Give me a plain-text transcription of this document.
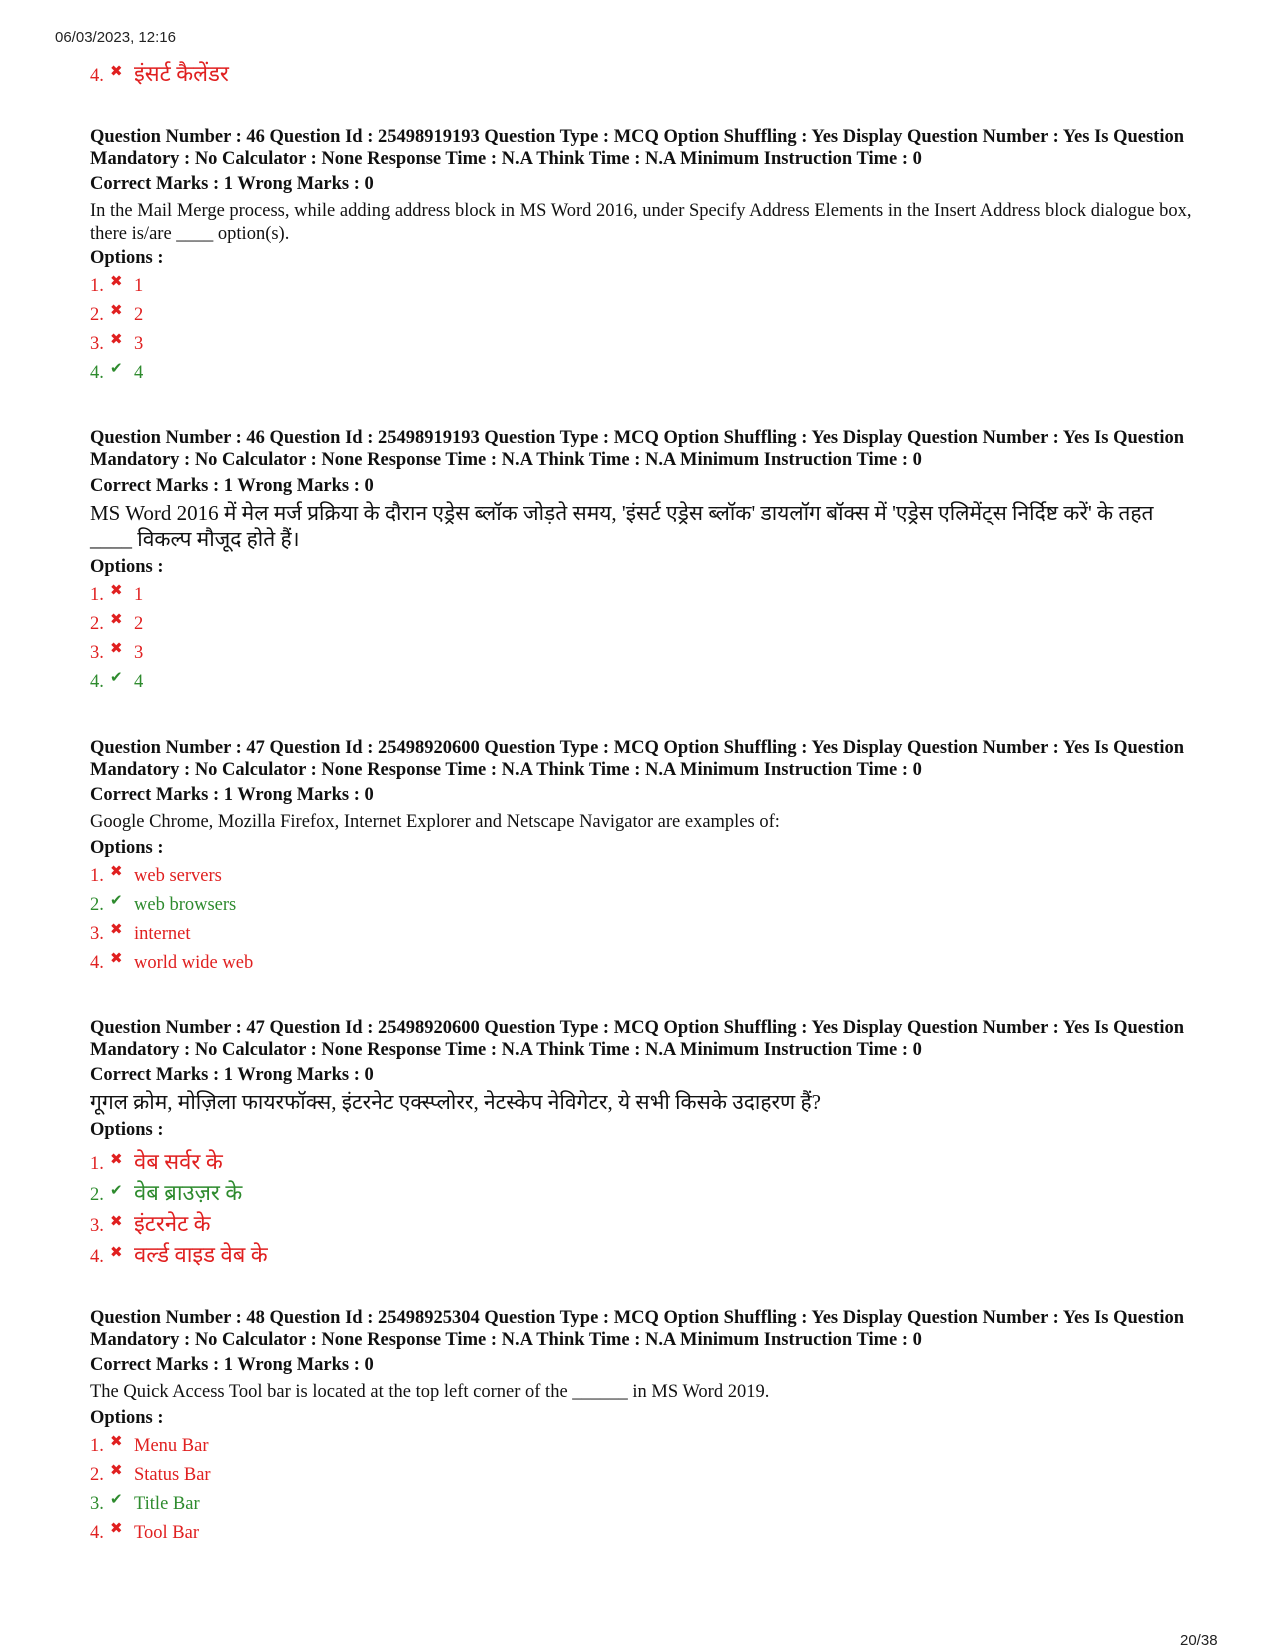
06/03/2023, 12:16
4. ✖ इंसर्ट कैलेंडर
Question Number : 46 Question Id : 25498919193 Question Type : MCQ Option Shuffling : Yes Display Question Number : Yes Is Question Mandatory : No Calculator : None Response Time : N.A Think Time : N.A Minimum Instruction Time : 0
Correct Marks : 1 Wrong Marks : 0
In the Mail Merge process, while adding address block in MS Word 2016, under Specify Address Elements in the Insert Address block dialogue box, there is/are ____ option(s).
Options :
1. ✖ 1
2. ✖ 2
3. ✖ 3
4. ✔ 4
Question Number : 46 Question Id : 25498919193 Question Type : MCQ Option Shuffling : Yes Display Question Number : Yes Is Question Mandatory : No Calculator : None Response Time : N.A Think Time : N.A Minimum Instruction Time : 0
Correct Marks : 1 Wrong Marks : 0
MS Word 2016 में मेल मर्ज प्रक्रिया के दौरान एड्रेस ब्लॉक जोड़ते समय, 'इंसर्ट एड्रेस ब्लॉक' डायलॉग बॉक्स में 'एड्रेस एलिमेंट्स निर्दिष्ट करें' के तहत ____ विकल्प मौजूद होते हैं।
Options :
1. ✖ 1
2. ✖ 2
3. ✖ 3
4. ✔ 4
Question Number : 47 Question Id : 25498920600 Question Type : MCQ Option Shuffling : Yes Display Question Number : Yes Is Question Mandatory : No Calculator : None Response Time : N.A Think Time : N.A Minimum Instruction Time : 0
Correct Marks : 1 Wrong Marks : 0
Google Chrome, Mozilla Firefox, Internet Explorer and Netscape Navigator are examples of:
Options :
1. ✖ web servers
2. ✔ web browsers
3. ✖ internet
4. ✖ world wide web
Question Number : 47 Question Id : 25498920600 Question Type : MCQ Option Shuffling : Yes Display Question Number : Yes Is Question Mandatory : No Calculator : None Response Time : N.A Think Time : N.A Minimum Instruction Time : 0
Correct Marks : 1 Wrong Marks : 0
गूगल क्रोम, मोज़िला फायरफॉक्स, इंटरनेट एक्स्प्लोरर, नेटस्केप नेविगेटर, ये सभी किसके उदाहरण हैं?
Options :
1. ✖ वेब सर्वर के
2. ✔ वेब ब्राउज़र के
3. ✖ इंटरनेट के
4. ✖ वर्ल्ड वाइड वेब के
Question Number : 48 Question Id : 25498925304 Question Type : MCQ Option Shuffling : Yes Display Question Number : Yes Is Question Mandatory : No Calculator : None Response Time : N.A Think Time : N.A Minimum Instruction Time : 0
Correct Marks : 1 Wrong Marks : 0
The Quick Access Tool bar is located at the top left corner of the ______ in MS Word 2019.
Options :
1. ✖ Menu Bar
2. ✖ Status Bar
3. ✔ Title Bar
4. ✖ Tool Bar
20/38
